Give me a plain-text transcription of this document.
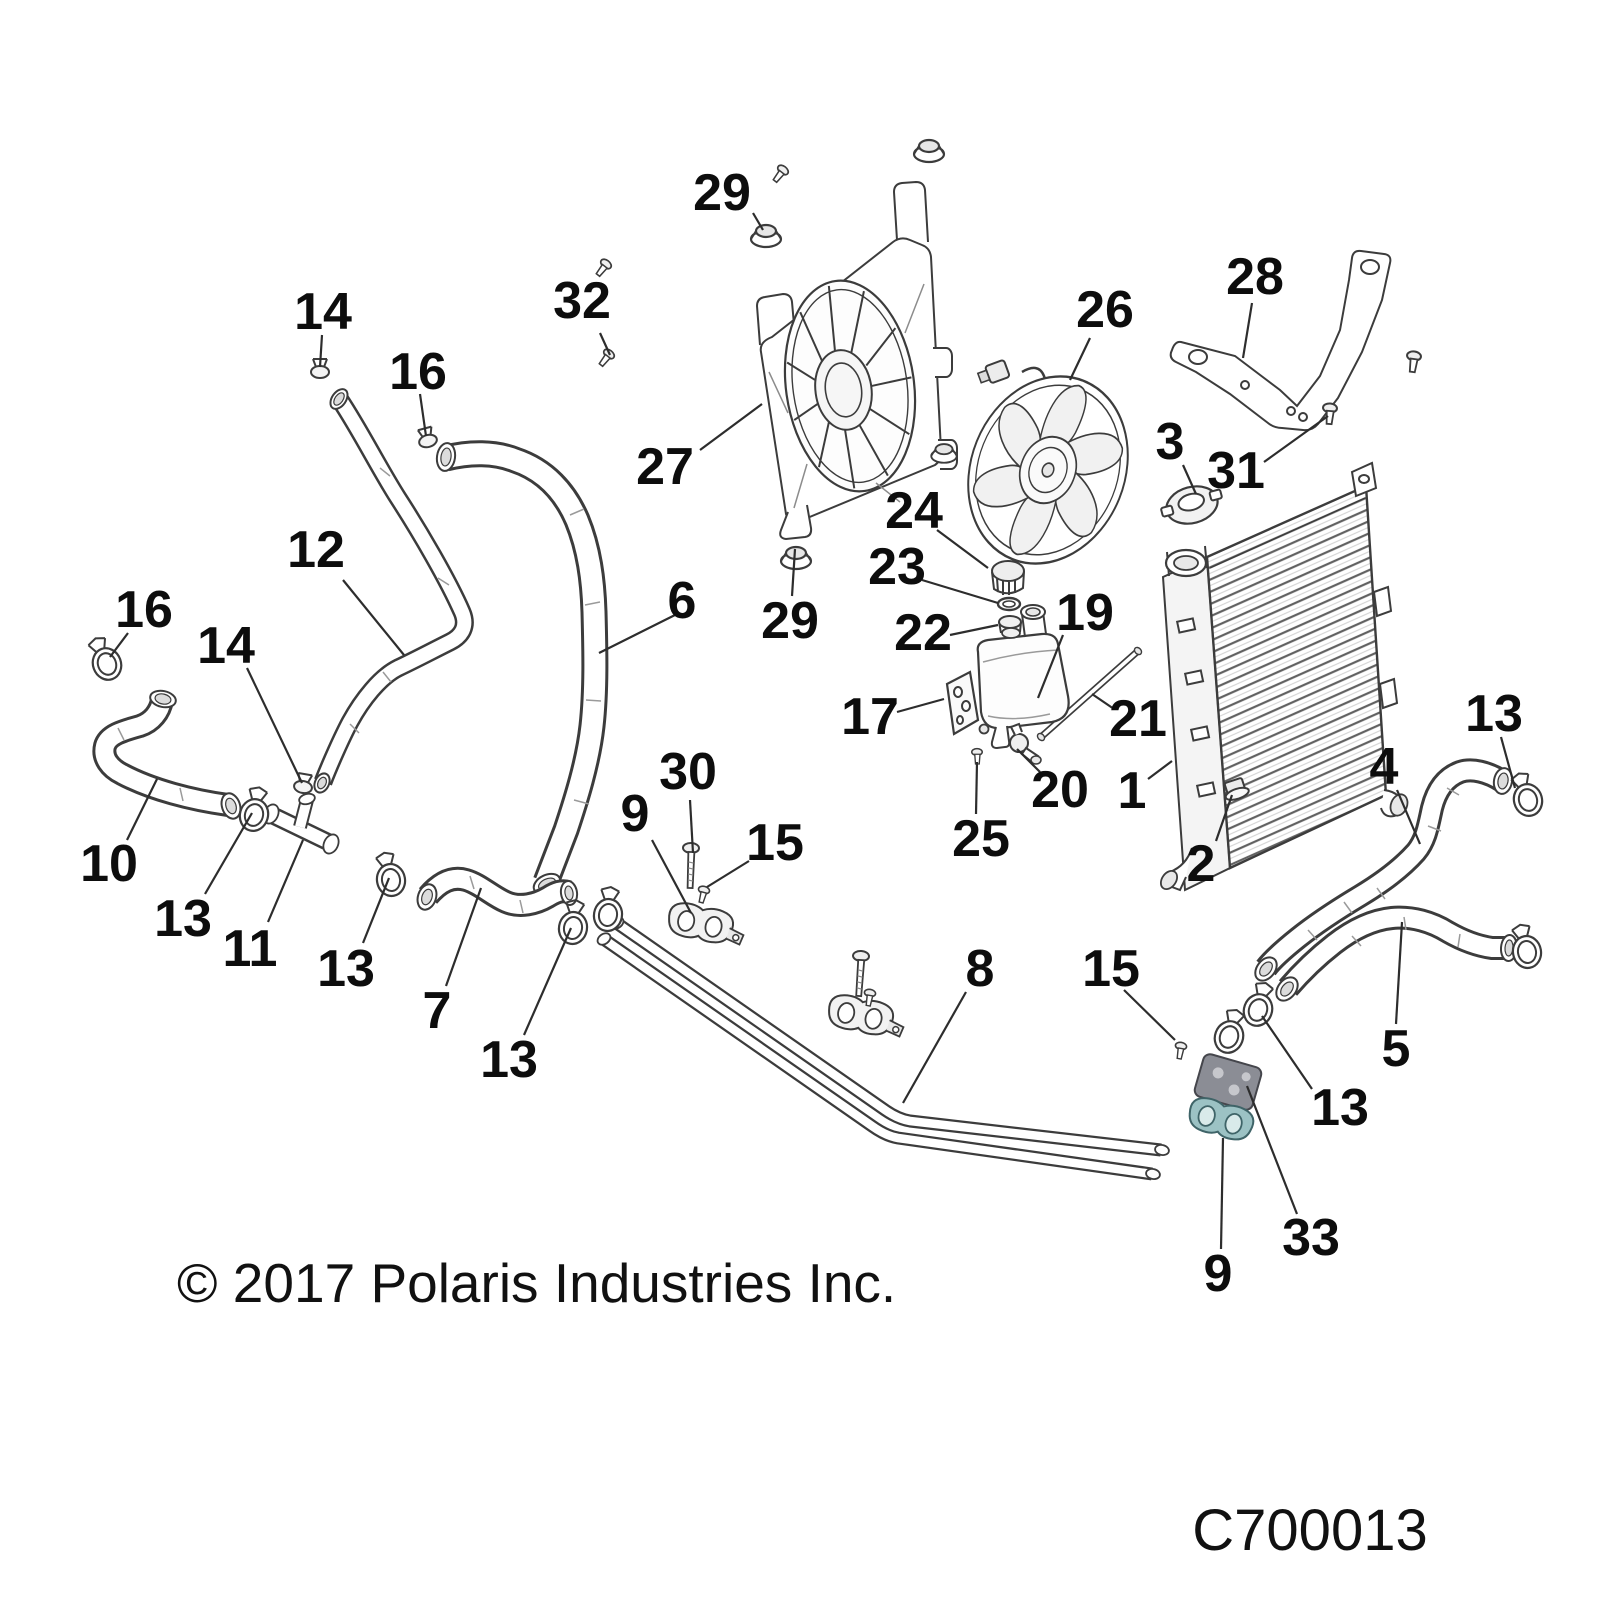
29
32
14
16
27
26
28
3 31
24
23
22 19
29
6
16
14
12
17	21
20 1
25	2
13
4
10
13
11 13
7
9
30
15
13
8 15
5
13
33
9
© 2017 Polaris Industries Inc.
C700013
